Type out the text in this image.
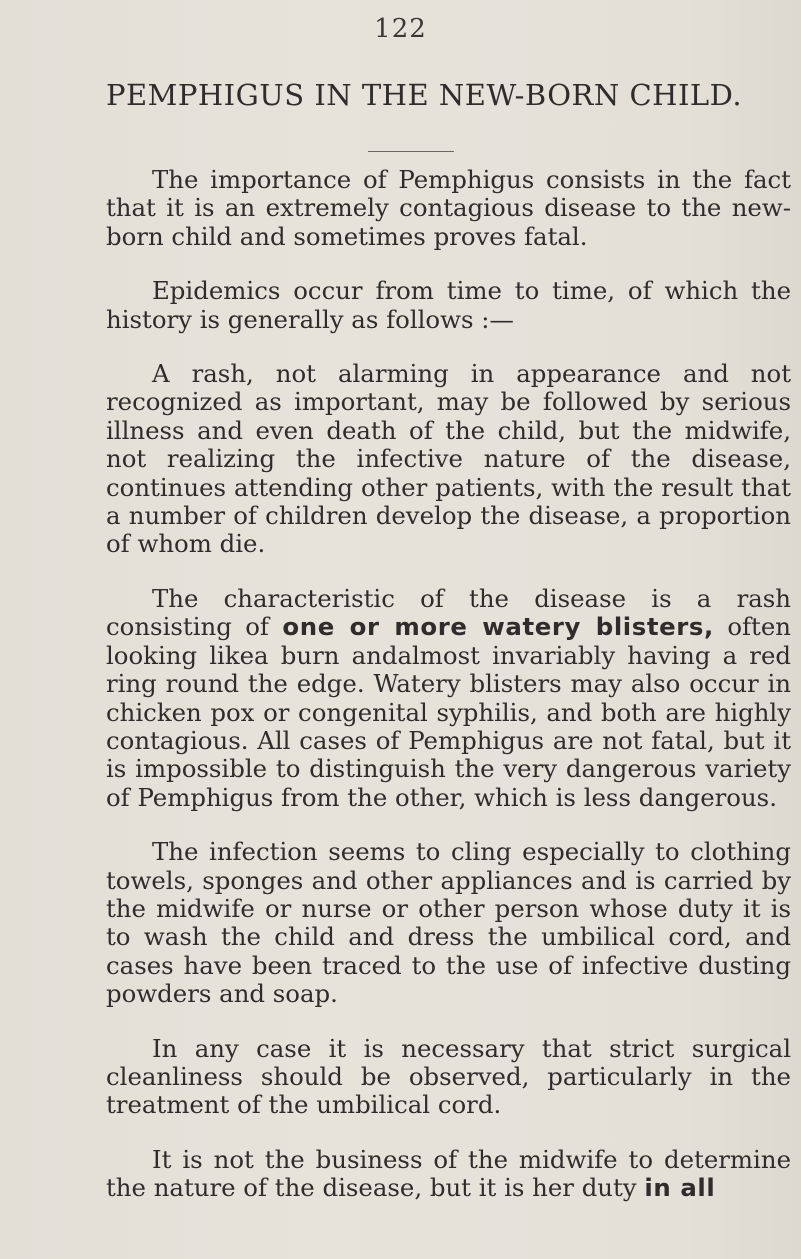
122
PEMPHIGUS IN THE NEW-BORN CHILD.

The importance of Pemphigus consists in the fact that it is an extremely contagious disease to the new-born child and sometimes proves fatal.

Epidemics occur from time to time, of which the history is generally as follows :—

A rash, not alarming in appearance and not recognized as important, may be followed by serious illness and even death of the child, but the midwife, not realizing the infective nature of the disease, continues attending other patients, with the result that a number of children develop the disease, a proportion of whom die.

The characteristic of the disease is a rash consisting of one or more watery blisters, often looking likea burn andalmost invariably having a red ring round the edge. Watery blisters may also occur in chicken pox or congenital syphilis, and both are highly contagious. All cases of Pemphigus are not fatal, but it is impossible to distinguish the very dangerous variety of Pemphigus from the other, which is less dangerous.

The infection seems to cling especially to clothing towels, sponges and other appliances and is carried by the midwife or nurse or other person whose duty it is to wash the child and dress the umbilical cord, and cases have been traced to the use of infective dusting powders and soap.

In any case it is necessary that strict surgical cleanliness should be observed, particularly in the treatment of the umbilical cord.

It is not the business of the midwife to determine the nature of the disease, but it is her duty in all
